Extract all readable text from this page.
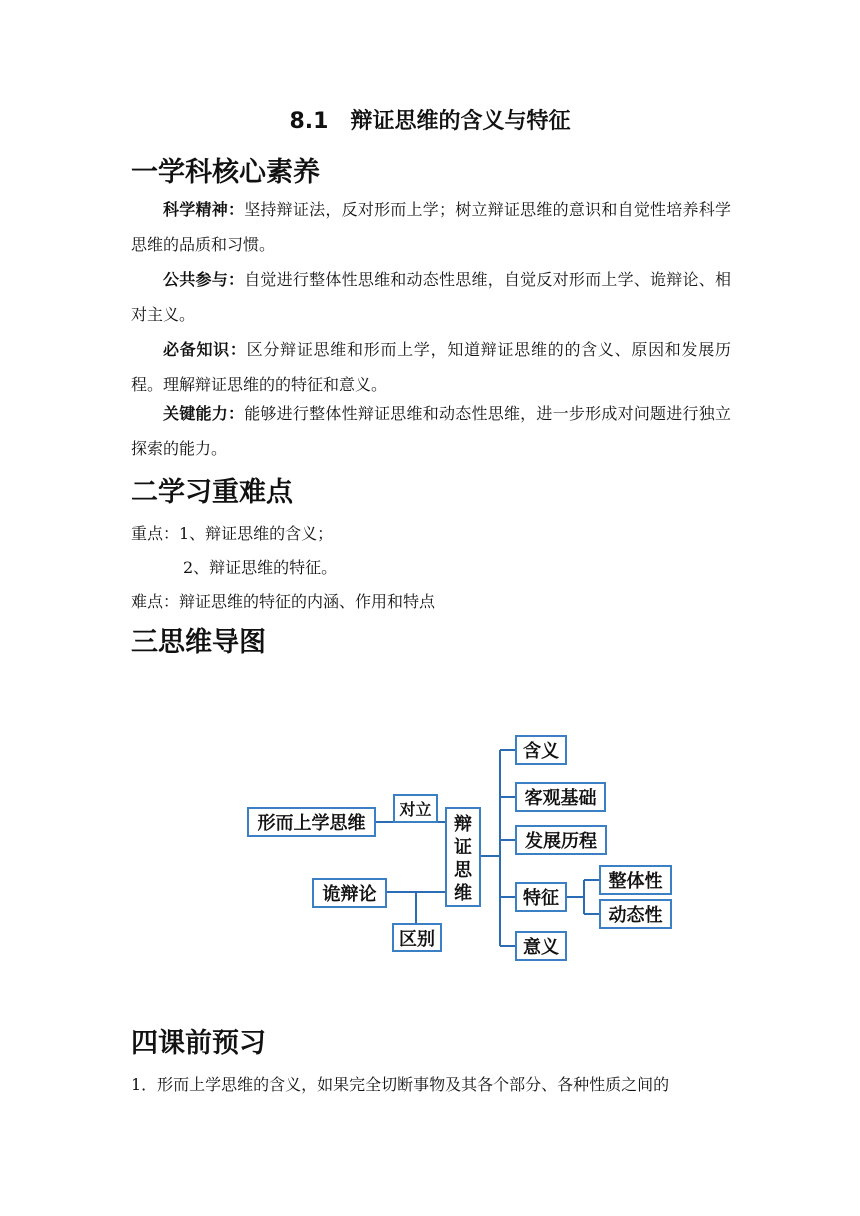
8.1　辩证思维的含义与特征
一学科核心素养

科学精神：坚持辩证法，反对形而上学；树立辩证思维的意识和自觉性培养科学思维的品质和习惯。

公共参与：自觉进行整体性思维和动态性思维，自觉反对形而上学、诡辩论、相对主义。

必备知识：区分辩证思维和形而上学，知道辩证思维的的含义、原因和发展历程。理解辩证思维的的特征和意义。

关键能力：能够进行整体性辩证思维和动态性思维，进一步形成对问题进行独立探索的能力。

二学习重难点
重点：1、辩证思维的含义；
2、辩证思维的特征。
难点：辩证思维的特征的内涵、作用和特点
三思维导图
形而上学思维
对立
辩
证
思
维
诡辩论
区别
含义
客观基础
发展历程
特征
意义
整体性
动态性
四课前预习
1．形而上学思维的含义，如果完全切断事物及其各个部分、各种性质之间的
